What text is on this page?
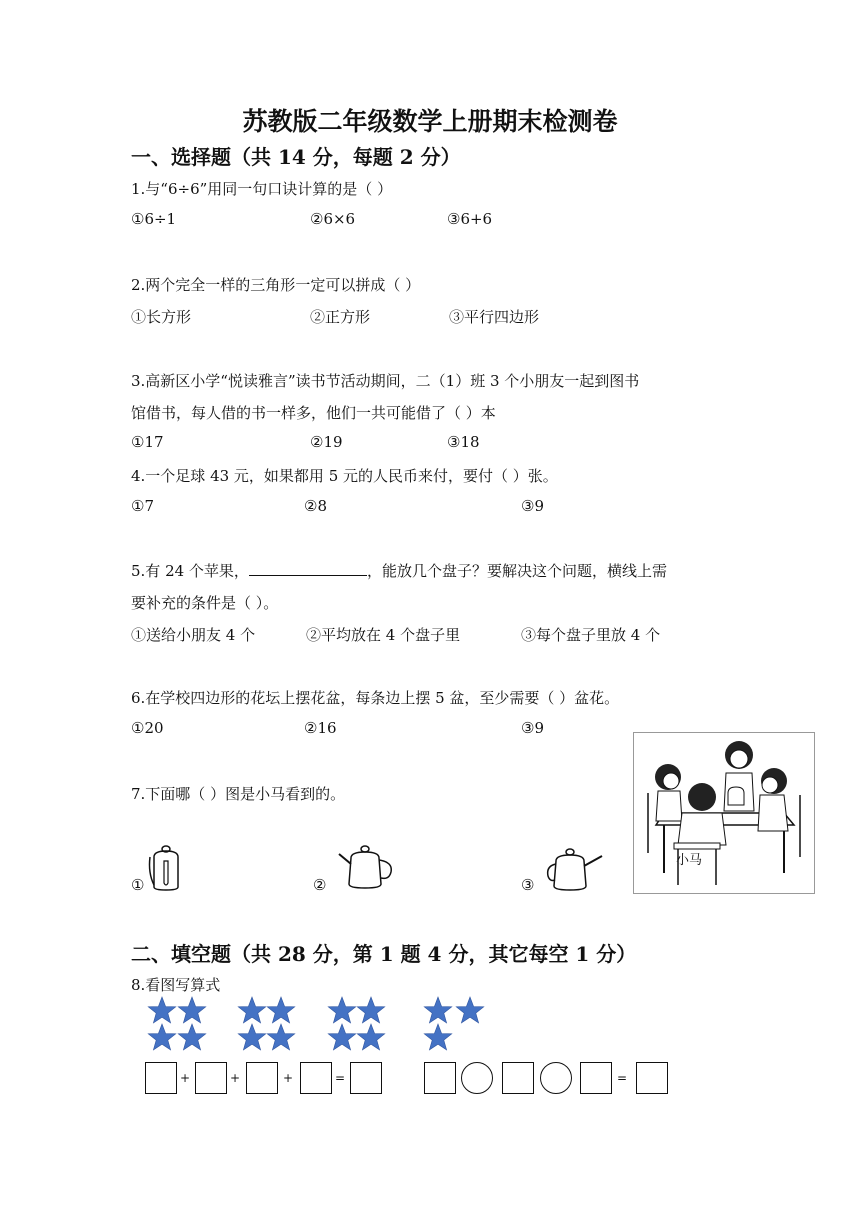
苏教版二年级数学上册期末检测卷
一、选择题（共 14 分，每题 2 分）
1.与“6÷6”用同一句口诀计算的是（ ）
①6÷1	②6×6	③6+6
2.两个完全一样的三角形一定可以拼成（ ）
①长方形	②正方形	③平行四边形
3.高新区小学“悦读雅言”读书节活动期间，二（1）班 3 个小朋友一起到图书
馆借书，每人借的书一样多，他们一共可能借了（ ）本
①17	②19	③18
4.一个足球 43 元，如果都用 5 元的人民币来付，要付（ ）张。
①7	②8	③9
5.有 24 个苹果，	，能放几个盘子？要解决这个问题，横线上需
要补充的条件是（ ）。
①送给小朋友 4 个	②平均放在 4 个盘子里	③每个盘子里放 4 个
6.在学校四边形的花坛上摆花盆，每条边上摆 5 盆，至少需要（ ）盆花。
①20	②16	③9
7.下面哪（ ）图是小马看到的。
①	②	③
小马
二、填空题（共 28 分，第 1 题 4 分，其它每空 1 分）
8.看图写算式
+	+	+	=	=
